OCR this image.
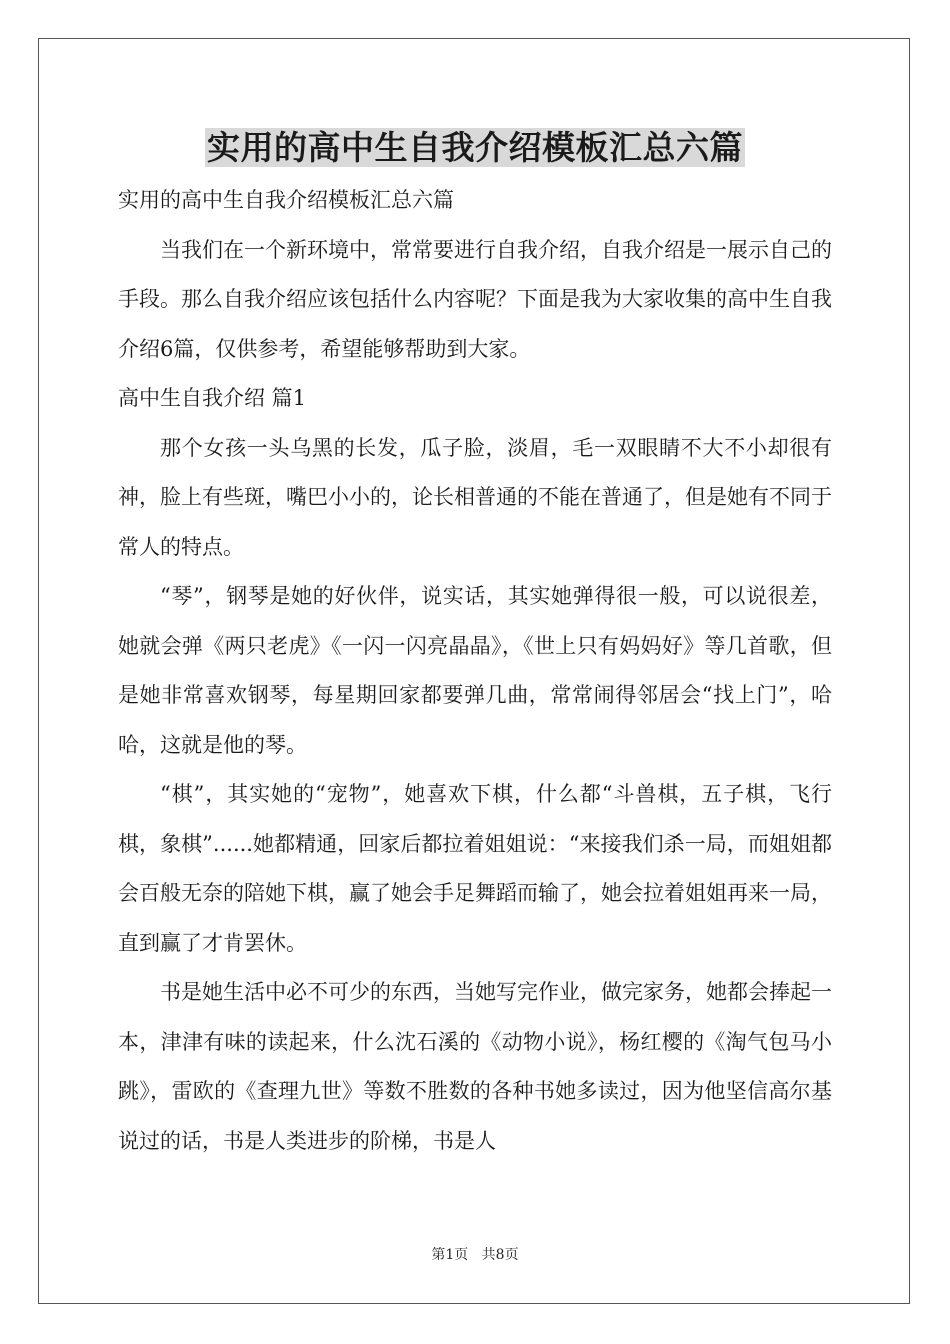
实用的高中生自我介绍模板汇总六篇

实用的高中生自我介绍模板汇总六篇

当我们在一个新环境中，常常要进行自我介绍，自我介绍是一展示自己的手段。那么自我介绍应该包括什么内容呢？下面是我为大家收集的高中生自我介绍6篇，仅供参考，希望能够帮助到大家。

高中生自我介绍 篇1

那个女孩一头乌黑的长发，瓜子脸，淡眉，毛一双眼睛不大不小却很有神，脸上有些斑，嘴巴小小的，论长相普通的不能在普通了，但是她有不同于常人的特点。

“琴”，钢琴是她的好伙伴，说实话，其实她弹得很一般，可以说很差，她就会弹《两只老虎》《一闪一闪亮晶晶》，《世上只有妈妈好》等几首歌，但是她非常喜欢钢琴，每星期回家都要弹几曲，常常闹得邻居会“找上门”，哈哈，这就是他的琴。

“棋”，其实她的“宠物”，她喜欢下棋，什么都“斗兽棋，五子棋，飞行棋，象棋”......她都精通，回家后都拉着姐姐说：“来接我们杀一局，而姐姐都会百般无奈的陪她下棋，赢了她会手足舞蹈而输了，她会拉着姐姐再来一局，直到赢了才肯罢休。

书是她生活中必不可少的东西，当她写完作业，做完家务，她都会捧起一本，津津有味的读起来，什么沈石溪的《动物小说》，杨红樱的《淘气包马小跳》，雷欧的《查理九世》等数不胜数的各种书她多读过，因为他坚信高尔基说过的话，书是人类进步的阶梯，书是人

第1页 共8页
